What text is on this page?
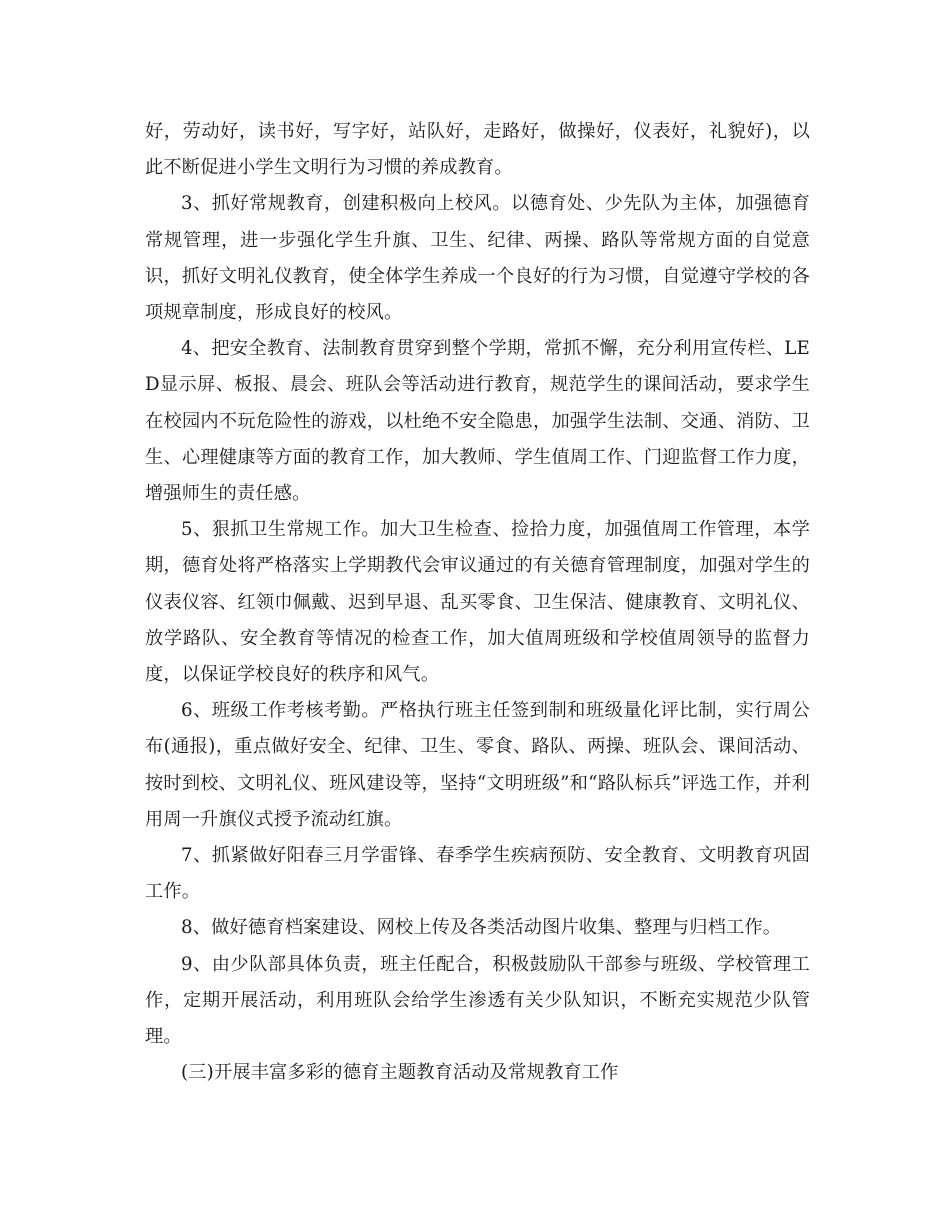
好，劳动好，读书好，写字好，站队好，走路好，做操好，仪表好，礼貌好)，以此不断促进小学生文明行为习惯的养成教育。

3、抓好常规教育，创建积极向上校风。以德育处、少先队为主体，加强德育常规管理，进一步强化学生升旗、卫生、纪律、两操、路队等常规方面的自觉意识，抓好文明礼仪教育，使全体学生养成一个良好的行为习惯，自觉遵守学校的各项规章制度，形成良好的校风。

4、把安全教育、法制教育贯穿到整个学期，常抓不懈，充分利用宣传栏、LED显示屏、板报、晨会、班队会等活动进行教育，规范学生的课间活动，要求学生在校园内不玩危险性的游戏，以杜绝不安全隐患，加强学生法制、交通、消防、卫生、心理健康等方面的教育工作，加大教师、学生值周工作、门迎监督工作力度，增强师生的责任感。

5、狠抓卫生常规工作。加大卫生检查、捡拾力度，加强值周工作管理，本学期，德育处将严格落实上学期教代会审议通过的有关德育管理制度，加强对学生的仪表仪容、红领巾佩戴、迟到早退、乱买零食、卫生保洁、健康教育、文明礼仪、放学路队、安全教育等情况的检查工作，加大值周班级和学校值周领导的监督力度，以保证学校良好的秩序和风气。

6、班级工作考核考勤。严格执行班主任签到制和班级量化评比制，实行周公布(通报)，重点做好安全、纪律、卫生、零食、路队、两操、班队会、课间活动、按时到校、文明礼仪、班风建设等，坚持“文明班级”和“路队标兵”评选工作，并利用周一升旗仪式授予流动红旗。

7、抓紧做好阳春三月学雷锋、春季学生疾病预防、安全教育、文明教育巩固工作。

8、做好德育档案建设、网校上传及各类活动图片收集、整理与归档工作。

9、由少队部具体负责，班主任配合，积极鼓励队干部参与班级、学校管理工作，定期开展活动，利用班队会给学生渗透有关少队知识，不断充实规范少队管理。

(三)开展丰富多彩的德育主题教育活动及常规教育工作
